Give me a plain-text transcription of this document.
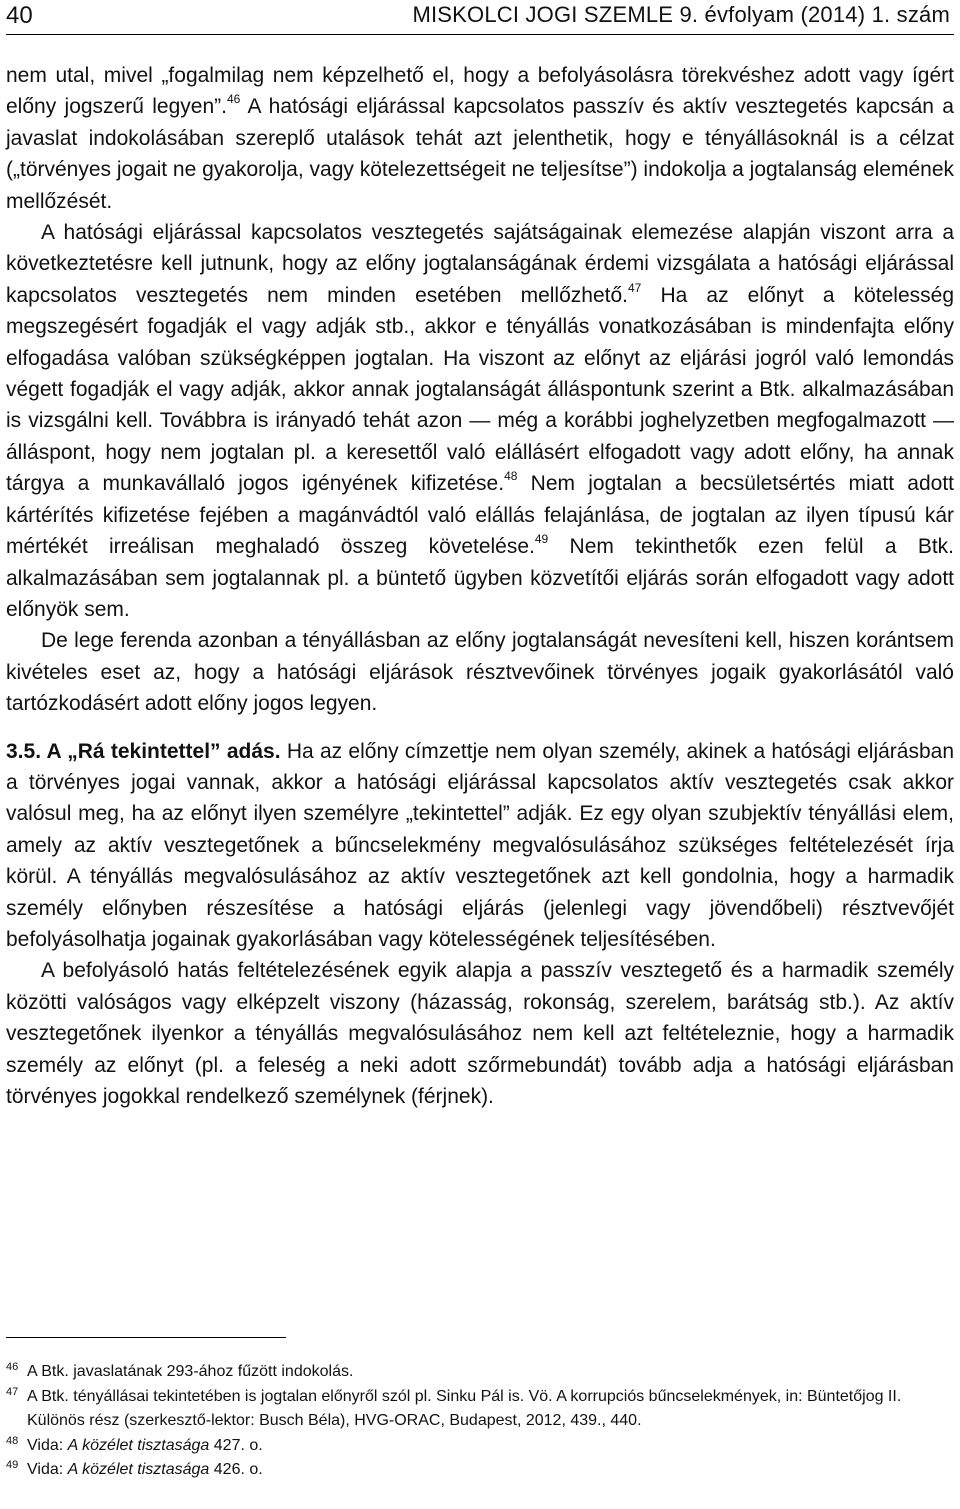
40	MISKOLCI JOGI SZEMLE 9. évfolyam (2014) 1. szám

nem utal, mivel „fogalmilag nem képzelhető el, hogy a befolyásolásra törekvéshez adott vagy ígért előny jogszerű legyen”.$^{46}$ A hatósági eljárással kapcsolatos passzív és aktív vesztegetés kapcsán a javaslat indokolásában szereplő utalások tehát azt jelenthetik, hogy e tényállásoknál is a célzat („törvényes jogait ne gyakorolja, vagy kötelezettségeit ne teljesítse”) indokolja a jogtalanság elemének mellőzését.

A hatósági eljárással kapcsolatos vesztegetés sajátságainak elemezése alapján viszont arra a következtetésre kell jutnunk, hogy az előny jogtalanságának érdemi vizsgálata a hatósági eljárással kapcsolatos vesztegetés nem minden esetében mellőzhető.$^{47}$ Ha az előnyt a kötelesség megszegésért fogadják el vagy adják stb., akkor e tényállás vonatkozásában is mindenfajta előny elfogadása valóban szükségképpen jogtalan. Ha viszont az előnyt az eljárási jogról való lemondás végett fogadják el vagy adják, akkor annak jogtalanságát álláspontunk szerint a Btk. alkalmazásában is vizsgálni kell. Továbbra is irányadó tehát azon — még a korábbi joghelyzetben megfogalmazott — álláspont, hogy nem jogtalan pl. a keresettől való elállásért elfogadott vagy adott előny, ha annak tárgya a munkavállaló jogos igényének kifizetése.$^{48}$ Nem jogtalan a becsületsértés miatt adott kártérítés kifizetése fejében a magánvádtól való elállás felajánlása, de jogtalan az ilyen típusú kár mértékét irreálisan meghaladó összeg követelése.$^{49}$ Nem tekinthetők ezen felül a Btk. alkalmazásában sem jogtalannak pl. a büntető ügyben közvetítői eljárás során elfogadott vagy adott előnyök sem.

De lege ferenda azonban a tényállásban az előny jogtalanságát nevesíteni kell, hiszen korántsem kivételes eset az, hogy a hatósági eljárások résztvevőinek törvényes jogaik gyakorlásától való tartózkodásért adott előny jogos legyen.

3.5. A „Rá tekintettel” adás. Ha az előny címzettje nem olyan személy, akinek a hatósági eljárásban a törvényes jogai vannak, akkor a hatósági eljárással kapcsolatos aktív vesztegetés csak akkor valósul meg, ha az előnyt ilyen személyre „tekintettel” adják. Ez egy olyan szubjektív tényállási elem, amely az aktív vesztegetőnek a bűncselekmény megvalósulásához szükséges feltételezését írja körül. A tényállás megvalósulásához az aktív vesztegetőnek azt kell gondolnia, hogy a harmadik személy előnyben részesítése a hatósági eljárás (jelenlegi vagy jövendőbeli) résztvevőjét befolyásolhatja jogainak gyakorlásában vagy kötelességének teljesítésében.

A befolyásoló hatás feltételezésének egyik alapja a passzív vesztegető és a harmadik személy közötti valóságos vagy elképzelt viszony (házasság, rokonság, szerelem, barátság stb.). Az aktív vesztegetőnek ilyenkor a tényállás megvalósulásához nem kell azt feltételeznie, hogy a harmadik személy az előnyt (pl. a feleség a neki adott szőrmebundát) tovább adja a hatósági eljárásban törvényes jogokkal rendelkező személynek (férjnek).

46 A Btk. javaslatának 293-ához fűzött indokolás.

47 A Btk. tényállásai tekintetében is jogtalan előnyről szól pl. Sinku Pál is. Vö. A korrupciós bűncselekmények, in: Büntetőjog II. Különös rész (szerkesztő-lektor: Busch Béla), HVG-ORAC, Budapest, 2012, 439., 440.

48 Vida: A közélet tisztasága 427. o.

49 Vida: A közélet tisztasága 426. o.
